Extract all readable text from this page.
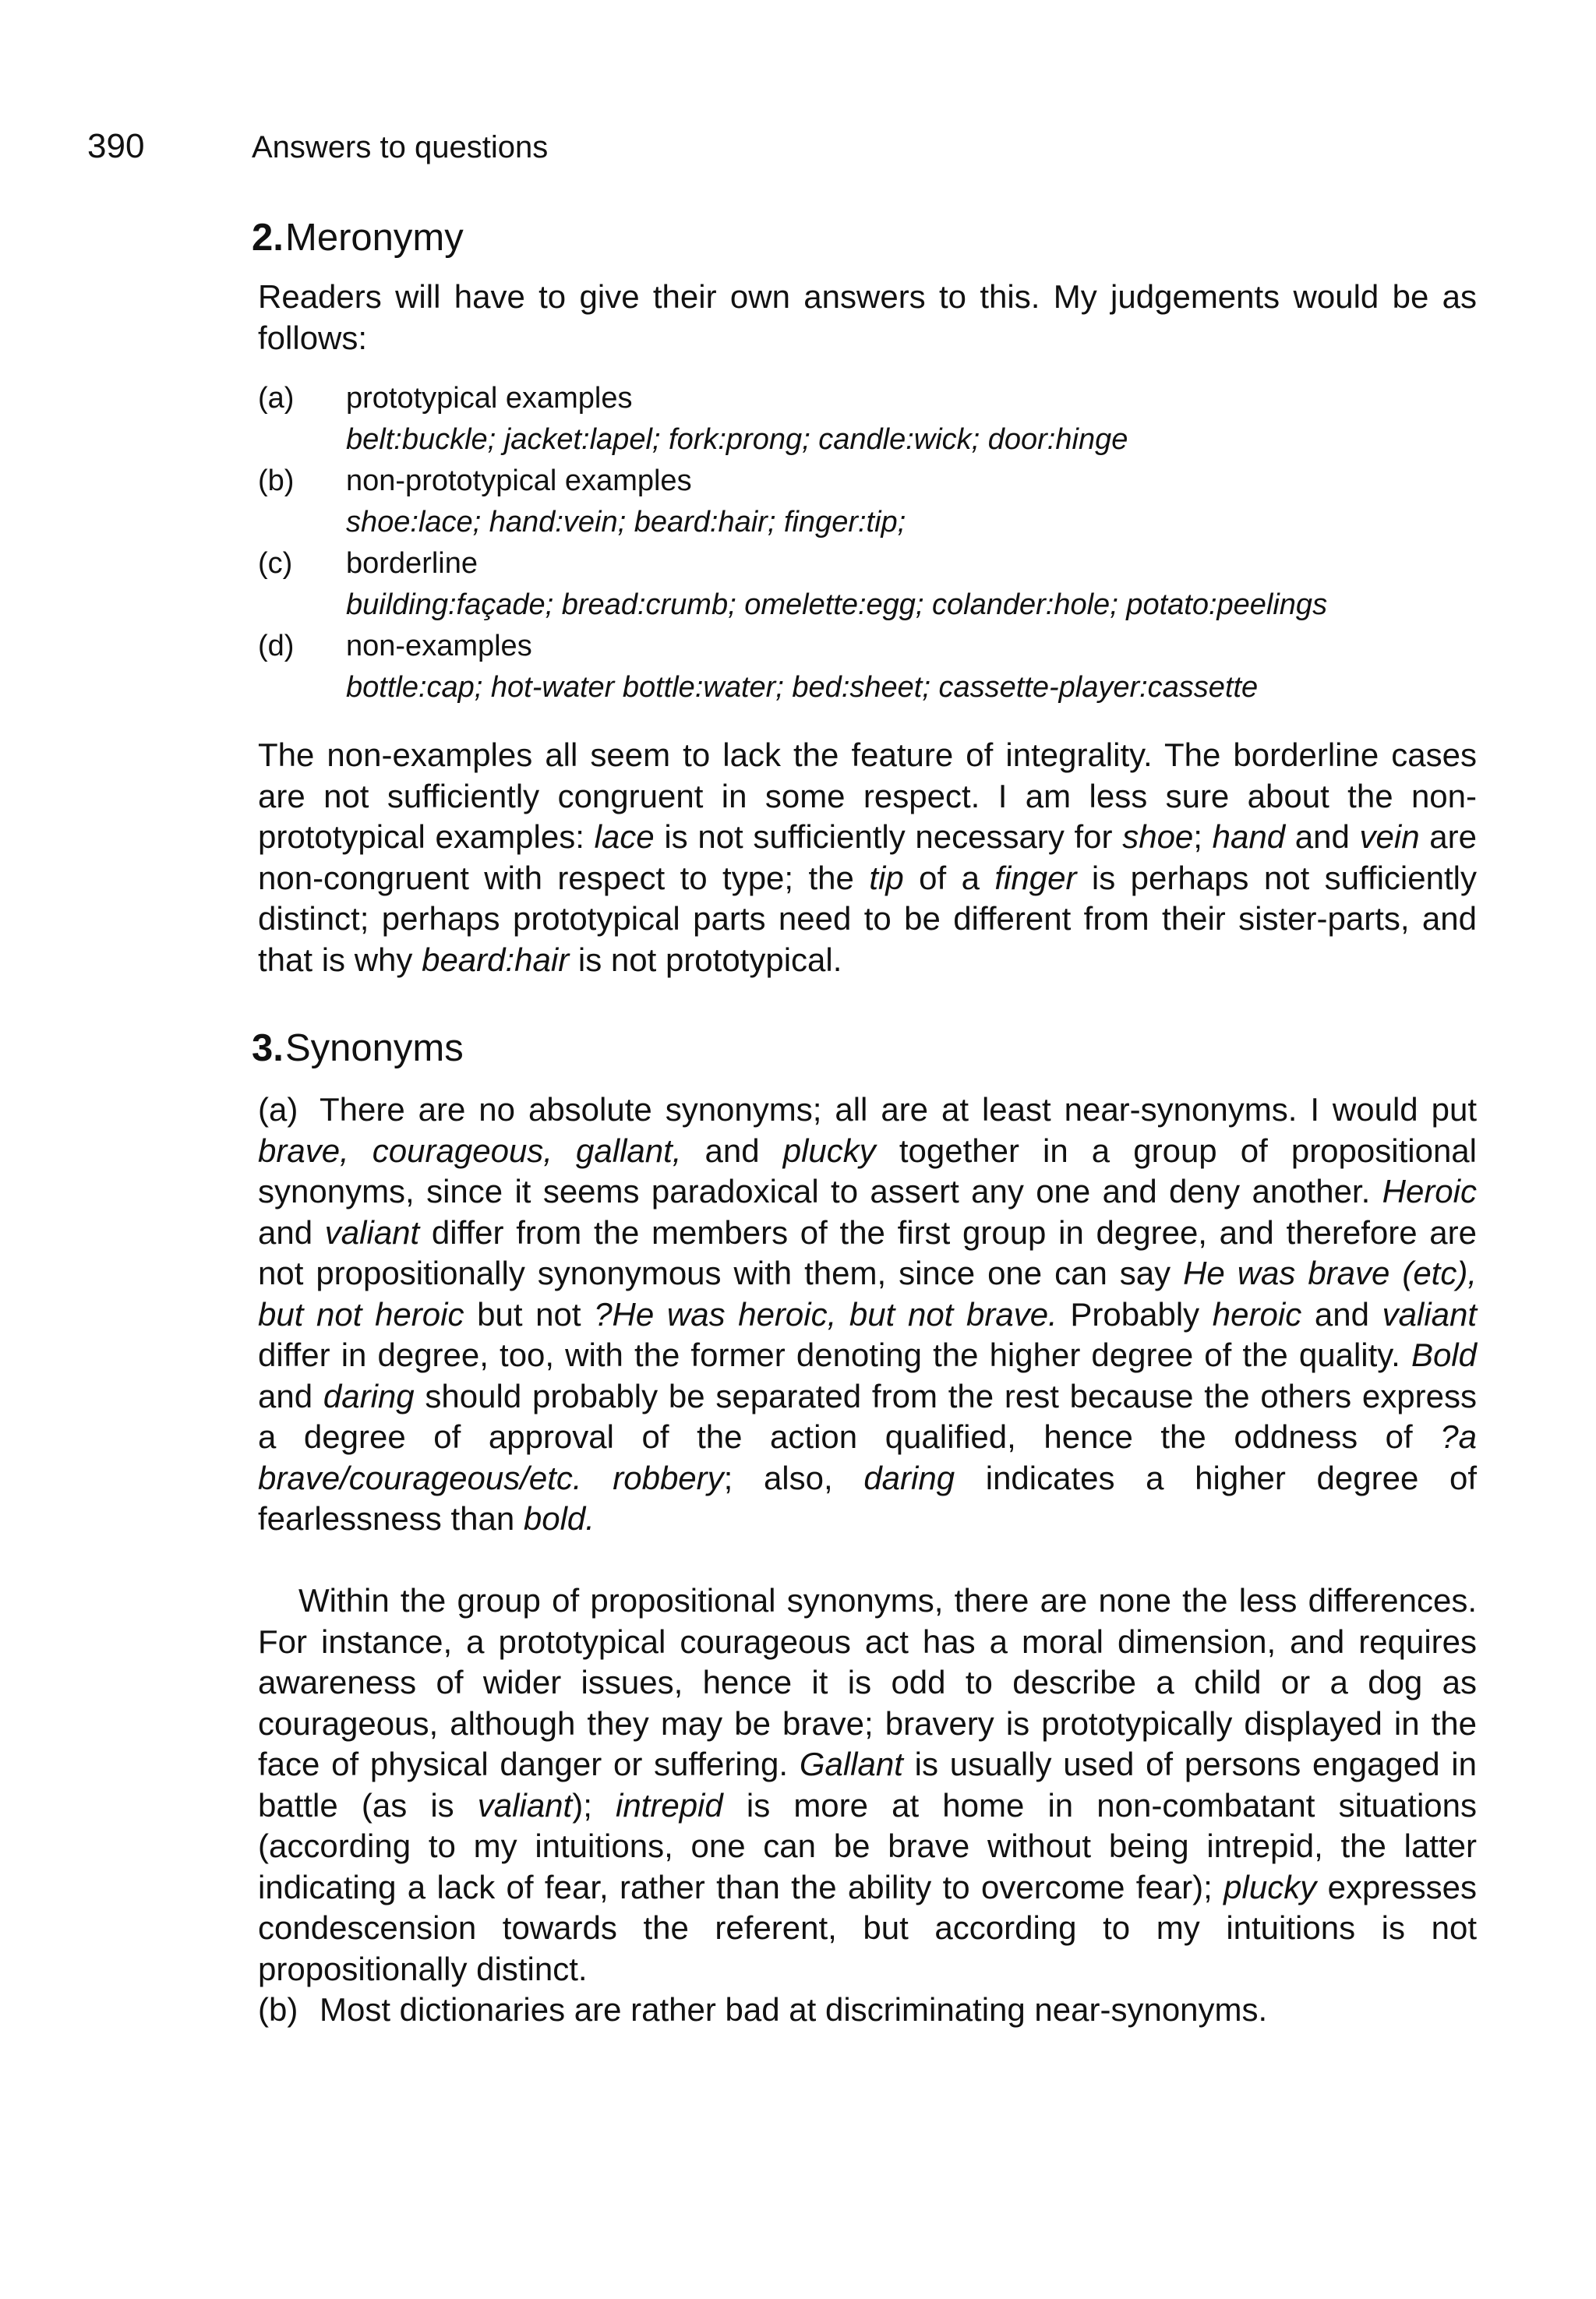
390	Answers to questions
2.Meronymy

Readers will have to give their own answers to this. My judgements would be as follows:

(a) prototypical examples
belt:buckle; jacket:lapel; fork:prong; candle:wick; door:hinge
(b) non-prototypical examples
shoe:lace; hand:vein; beard:hair; finger:tip;
(c) borderline
building:façade; bread:crumb; omelette:egg; colander:hole; potato:peelings
(d) non-examples
bottle:cap; hot-water bottle:water; bed:sheet; cassette-player:cassette

The non-examples all seem to lack the feature of integrality. The borderline cases are not sufficiently congruent in some respect. I am less sure about the non-prototypical examples: lace is not sufficiently necessary for shoe; hand and vein are non-congruent with respect to type; the tip of a finger is perhaps not sufficiently distinct; perhaps prototypical parts need to be different from their sister-parts, and that is why beard:hair is not prototypical.

3.Synonyms

(a) There are no absolute synonyms; all are at least near-synonyms. I would put brave, courageous, gallant, and plucky together in a group of propositional synonyms, since it seems paradoxical to assert any one and deny another. Heroic and valiant differ from the members of the first group in degree, and therefore are not propositionally synonymous with them, since one can say He was brave (etc), but not heroic but not ?He was heroic, but not brave. Probably heroic and valiant differ in degree, too, with the former denoting the higher degree of the quality. Bold and daring should probably be separated from the rest because the others express a degree of approval of the action qualified, hence the oddness of ?a brave/courageous/etc. robbery; also, daring indicates a higher degree of fearlessness than bold.

Within the group of propositional synonyms, there are none the less differences. For instance, a prototypical courageous act has a moral dimension, and requires awareness of wider issues, hence it is odd to describe a child or a dog as courageous, although they may be brave; bravery is prototypically displayed in the face of physical danger or suffering. Gallant is usually used of persons engaged in battle (as is valiant); intrepid is more at home in non-combatant situations (according to my intuitions, one can be brave without being intrepid, the latter indicating a lack of fear, rather than the ability to overcome fear); plucky expresses condescension towards the referent, but according to my intuitions is not propositionally distinct.

(b) Most dictionaries are rather bad at discriminating near-synonyms.
